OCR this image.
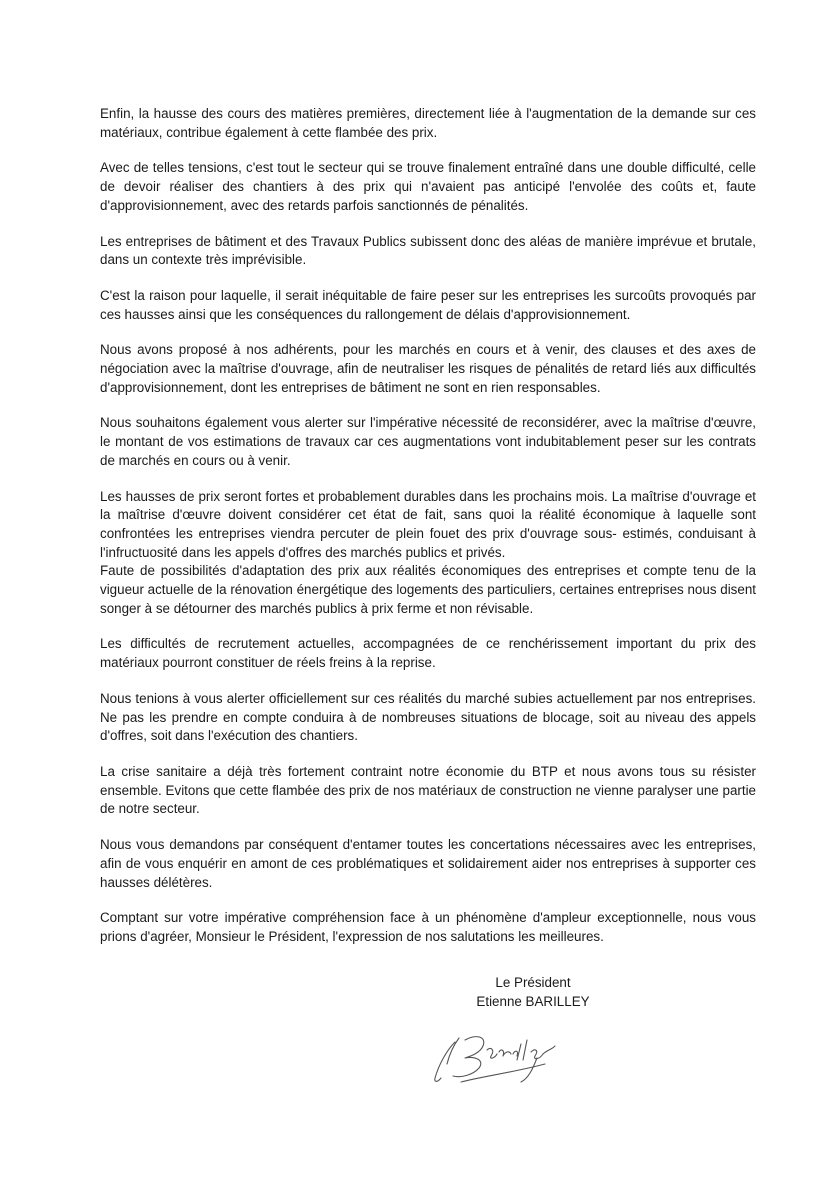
Enfin, la hausse des cours des matières premières, directement liée à l'augmentation de la demande sur ces matériaux, contribue également à cette flambée des prix.

Avec de telles tensions, c'est tout le secteur qui se trouve finalement entraîné dans une double difficulté, celle de devoir réaliser des chantiers à des prix qui n'avaient pas anticipé l'envolée des coûts et, faute d'approvisionnement, avec des retards parfois sanctionnés de pénalités.

Les entreprises de bâtiment et des Travaux Publics subissent donc des aléas de manière imprévue et brutale, dans un contexte très imprévisible.

C'est la raison pour laquelle, il serait inéquitable de faire peser sur les entreprises les surcoûts provoqués par ces hausses ainsi que les conséquences du rallongement de délais d'approvisionnement.

Nous avons proposé à nos adhérents, pour les marchés en cours et à venir, des clauses et des axes de négociation avec la maîtrise d'ouvrage, afin de neutraliser les risques de pénalités de retard liés aux difficultés d'approvisionnement, dont les entreprises de bâtiment ne sont en rien responsables.

Nous souhaitons également vous alerter sur l'impérative nécessité de reconsidérer, avec la maîtrise d'œuvre, le montant de vos estimations de travaux car ces augmentations vont indubitablement peser sur les contrats de marchés en cours ou à venir.

Les hausses de prix seront fortes et probablement durables dans les prochains mois. La maîtrise d'ouvrage et la maîtrise d'œuvre doivent considérer cet état de fait, sans quoi la réalité économique à laquelle sont confrontées les entreprises viendra percuter de plein fouet des prix d'ouvrage sous- estimés, conduisant à l'infructuosité dans les appels d'offres des marchés publics et privés.

Faute de possibilités d'adaptation des prix aux réalités économiques des entreprises et compte tenu de la vigueur actuelle de la rénovation énergétique des logements des particuliers, certaines entreprises nous disent songer à se détourner des marchés publics à prix ferme et non révisable.

Les difficultés de recrutement actuelles, accompagnées de ce renchérissement important du prix des matériaux pourront constituer de réels freins à la reprise.

Nous tenions à vous alerter officiellement sur ces réalités du marché subies actuellement par nos entreprises. Ne pas les prendre en compte conduira à de nombreuses situations de blocage, soit au niveau des appels d'offres, soit dans l'exécution des chantiers.

La crise sanitaire a déjà très fortement contraint notre économie du BTP et nous avons tous su résister ensemble. Evitons que cette flambée des prix de nos matériaux de construction ne vienne paralyser une partie de notre secteur.

Nous vous demandons par conséquent d'entamer toutes les concertations nécessaires avec les entreprises, afin de vous enquérir en amont de ces problématiques et solidairement aider nos entreprises à supporter ces hausses délétères.

Comptant sur votre impérative compréhension face à un phénomène d'ampleur exceptionnelle, nous vous prions d'agréer, Monsieur le Président, l'expression de nos salutations les meilleures.

Le Président
Etienne BARILLEY
